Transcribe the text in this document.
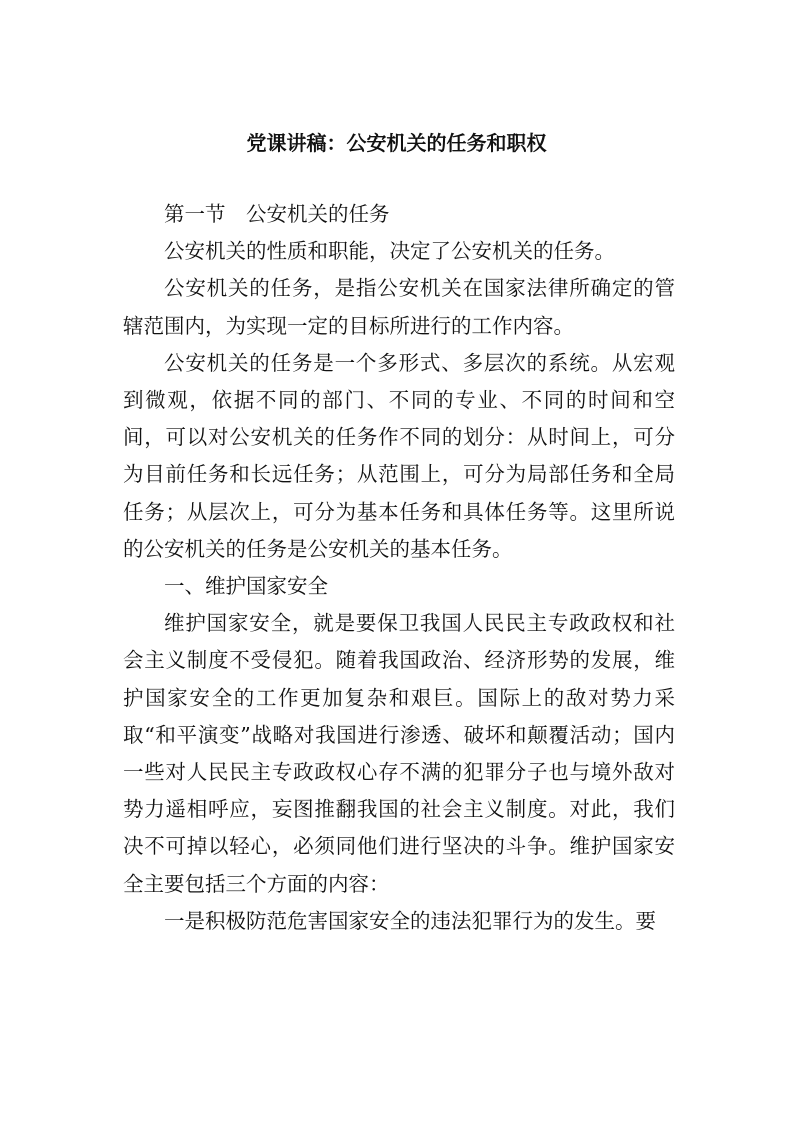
党课讲稿：公安机关的任务和职权

第一节　公安机关的任务

公安机关的性质和职能，决定了公安机关的任务。

公安机关的任务，是指公安机关在国家法律所确定的管辖范围内，为实现一定的目标所进行的工作内容。

公安机关的任务是一个多形式、多层次的系统。从宏观到微观，依据不同的部门、不同的专业、不同的时间和空间，可以对公安机关的任务作不同的划分：从时间上，可分为目前任务和长远任务；从范围上，可分为局部任务和全局任务；从层次上，可分为基本任务和具体任务等。这里所说的公安机关的任务是公安机关的基本任务。

一、维护国家安全

维护国家安全，就是要保卫我国人民民主专政政权和社会主义制度不受侵犯。随着我国政治、经济形势的发展，维护国家安全的工作更加复杂和艰巨。国际上的敌对势力采取“和平演变”战略对我国进行渗透、破坏和颠覆活动；国内一些对人民民主专政政权心存不满的犯罪分子也与境外敌对势力遥相呼应，妄图推翻我国的社会主义制度。对此，我们决不可掉以轻心，必须同他们进行坚决的斗争。维护国家安全主要包括三个方面的内容：

一是积极防范危害国家安全的违法犯罪行为的发生。要
